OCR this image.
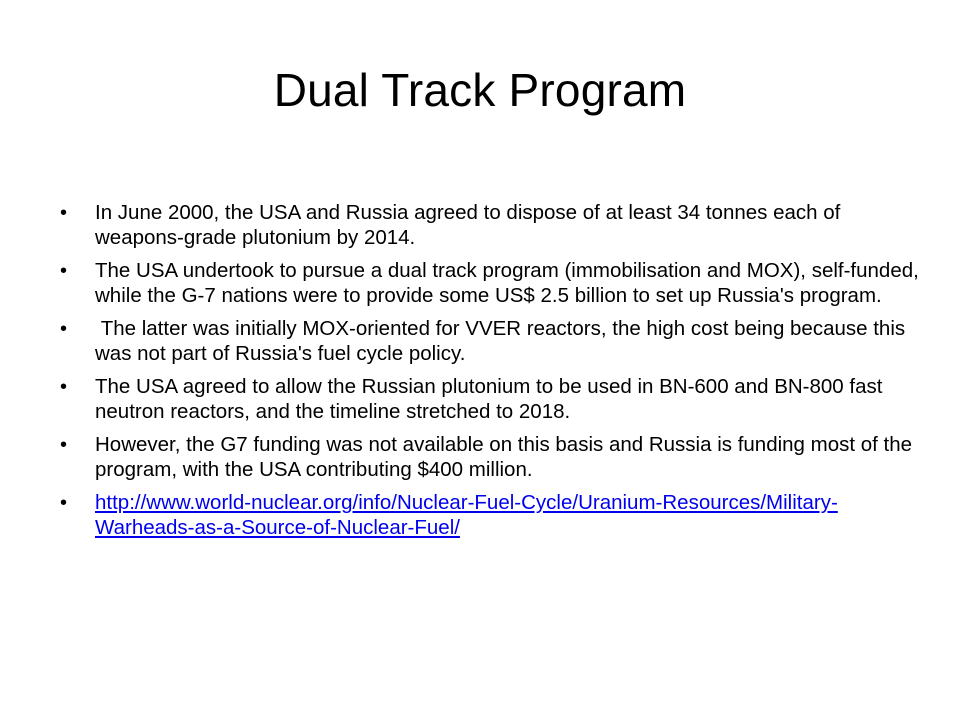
Dual Track Program
• In June 2000, the USA and Russia agreed to dispose of at least 34 tonnes each of weapons-grade plutonium by 2014.
• The USA undertook to pursue a dual track program (immobilisation and MOX), self-funded, while the G-7 nations were to provide some US$ 2.5 billion to set up Russia's program.
• The latter was initially MOX-oriented for VVER reactors, the high cost being because this was not part of Russia's fuel cycle policy.
• The USA agreed to allow the Russian plutonium to be used in BN-600 and BN-800 fast neutron reactors, and the timeline stretched to 2018.
• However, the G7 funding was not available on this basis and Russia is funding most of the program, with the USA contributing $400 million.
• http://www.world-nuclear.org/info/Nuclear-Fuel-Cycle/Uranium-Resources/Military-Warheads-as-a-Source-of-Nuclear-Fuel/
